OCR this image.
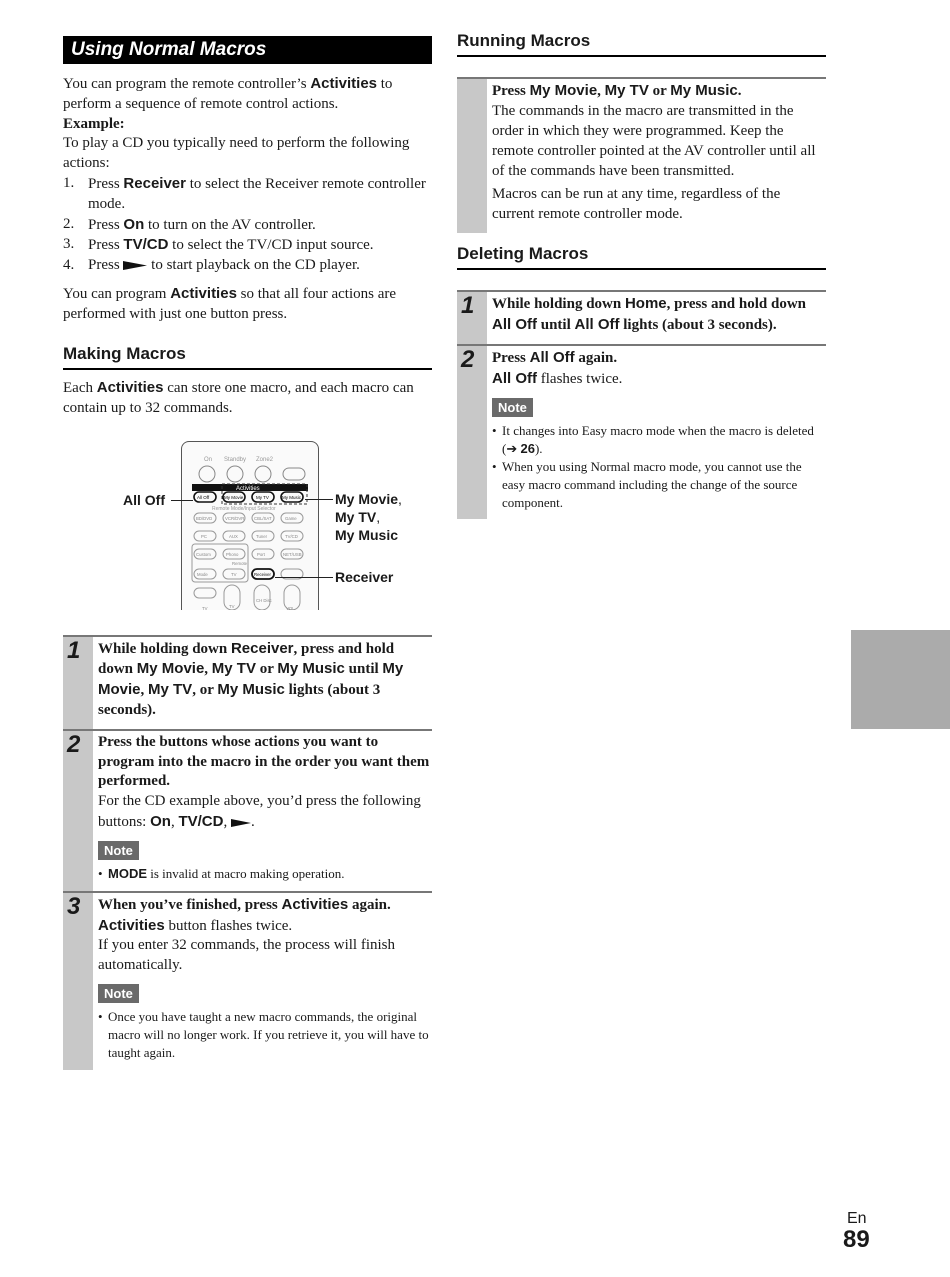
Using Normal Macros

You can program the remote controller’s Activities to perform a sequence of remote control actions.

Example:

To play a CD you typically need to perform the following actions:

1. Press Receiver to select the Receiver remote controller mode.
2. Press On to turn on the AV controller.
3. Press TV/CD to select the TV/CD input source.
4. Press  to start playback on the CD player.

You can program Activities so that all four actions are performed with just one button press.

Making Macros

Each Activities can store one macro, and each macro can contain up to 32 commands.

On Standby Zone2
Activities
All Off	My Movie	My TV	My Music
Remote Mode/Input Selector
BD/DVD	VCR/DVR CBL/SAT	Game
PC	AUX	Tuner	TV/CD
Custom	Phono	Port	NET/USB
Remote
Mode	TV
TV	TV
CH Disc
VOL
Receiver
All Off	My Movie,
My TV,
My Music
Receiver
1 While holding down Receiver, press and hold down My Movie, My TV or My Music until My Movie, My TV, or My Music lights (about 3 seconds).

2 Press the buttons whose actions you want to program into the macro in the order you want them performed.

For the CD example above, you’d press the following buttons: On, TV/CD, .

Note
• MODE is invalid at macro making operation.
3 When you’ve finished, press Activities again.

Activities button flashes twice.

If you enter 32 commands, the process will finish automatically.

Note
• Once you have taught a new macro commands, the original macro will no longer work. If you retrieve it, you will have to taught again.
Running Macros

Press My Movie, My TV or My Music.

The commands in the macro are transmitted in the order in which they were programmed. Keep the remote controller pointed at the AV controller until all of the commands have been transmitted.

Macros can be run at any time, regardless of the current remote controller mode.

Deleting Macros
1 While holding down Home, press and hold down All Off until All Off lights (about 3 seconds).

2 Press All Off again.

All Off flashes twice.

Note
• It changes into Easy macro mode when the macro is deleted (➔ 26).
• When you using Normal macro mode, you cannot use the easy macro command including the change of the source component.
En
89
